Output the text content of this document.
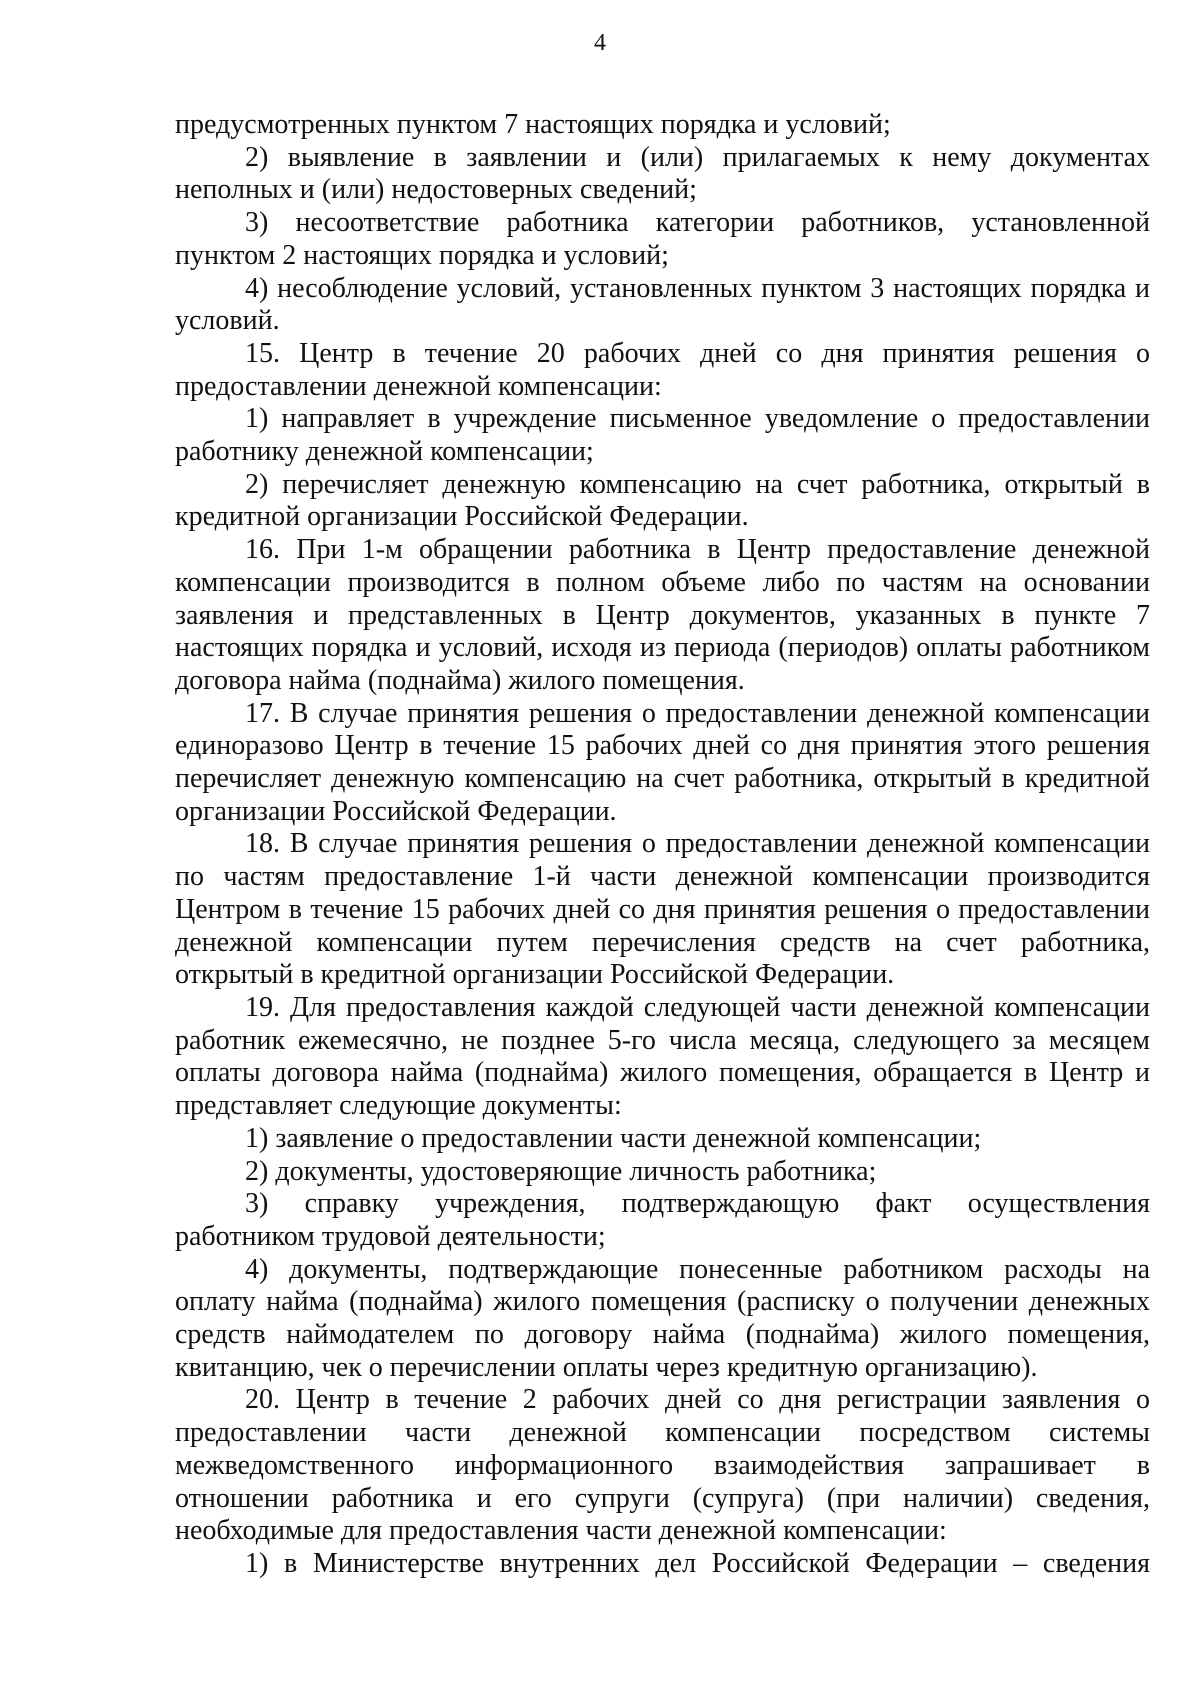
4

предусмотренных пунктом 7 настоящих порядка и условий;

2) выявление в заявлении и (или) прилагаемых к нему документах неполных и (или) недостоверных сведений;

3) несоответствие работника категории работников, установленной пунктом 2 настоящих порядка и условий;

4) несоблюдение условий, установленных пунктом 3 настоящих порядка и условий.

15. Центр в течение 20 рабочих дней со дня принятия решения о предоставлении денежной компенсации:

1) направляет в учреждение письменное уведомление о предоставлении работнику денежной компенсации;

2) перечисляет денежную компенсацию на счет работника, открытый в кредитной организации Российской Федерации.

16. При 1-м обращении работника в Центр предоставление денежной компенсации производится в полном объеме либо по частям на основании заявления и представленных в Центр документов, указанных в пункте 7 настоящих порядка и условий, исходя из периода (периодов) оплаты работником договора найма (поднайма) жилого помещения.

17. В случае принятия решения о предоставлении денежной компенсации единоразово Центр в течение 15 рабочих дней со дня принятия этого решения перечисляет денежную компенсацию на счет работника, открытый в кредитной организации Российской Федерации.

18. В случае принятия решения о предоставлении денежной компенсации по частям предоставление 1-й части денежной компенсации производится Центром в течение 15 рабочих дней со дня принятия решения о предоставлении денежной компенсации путем перечисления средств на счет работника, открытый в кредитной организации Российской Федерации.

19. Для предоставления каждой следующей части денежной компенсации работник ежемесячно, не позднее 5-го числа месяца, следующего за месяцем оплаты договора найма (поднайма) жилого помещения, обращается в Центр и представляет следующие документы:

1) заявление о предоставлении части денежной компенсации;

2) документы, удостоверяющие личность работника;

3) справку учреждения, подтверждающую факт осуществления работником трудовой деятельности;

4) документы, подтверждающие понесенные работником расходы на оплату найма (поднайма) жилого помещения (расписку о получении денежных средств наймодателем по договору найма (поднайма) жилого помещения, квитанцию, чек о перечислении оплаты через кредитную организацию).

20. Центр в течение 2 рабочих дней со дня регистрации заявления о предоставлении части денежной компенсации посредством системы межведомственного информационного взаимодействия запрашивает в отношении работника и его супруги (супруга) (при наличии) сведения, необходимые для предоставления части денежной компенсации:

1) в Министерстве внутренних дел Российской Федерации – сведения
